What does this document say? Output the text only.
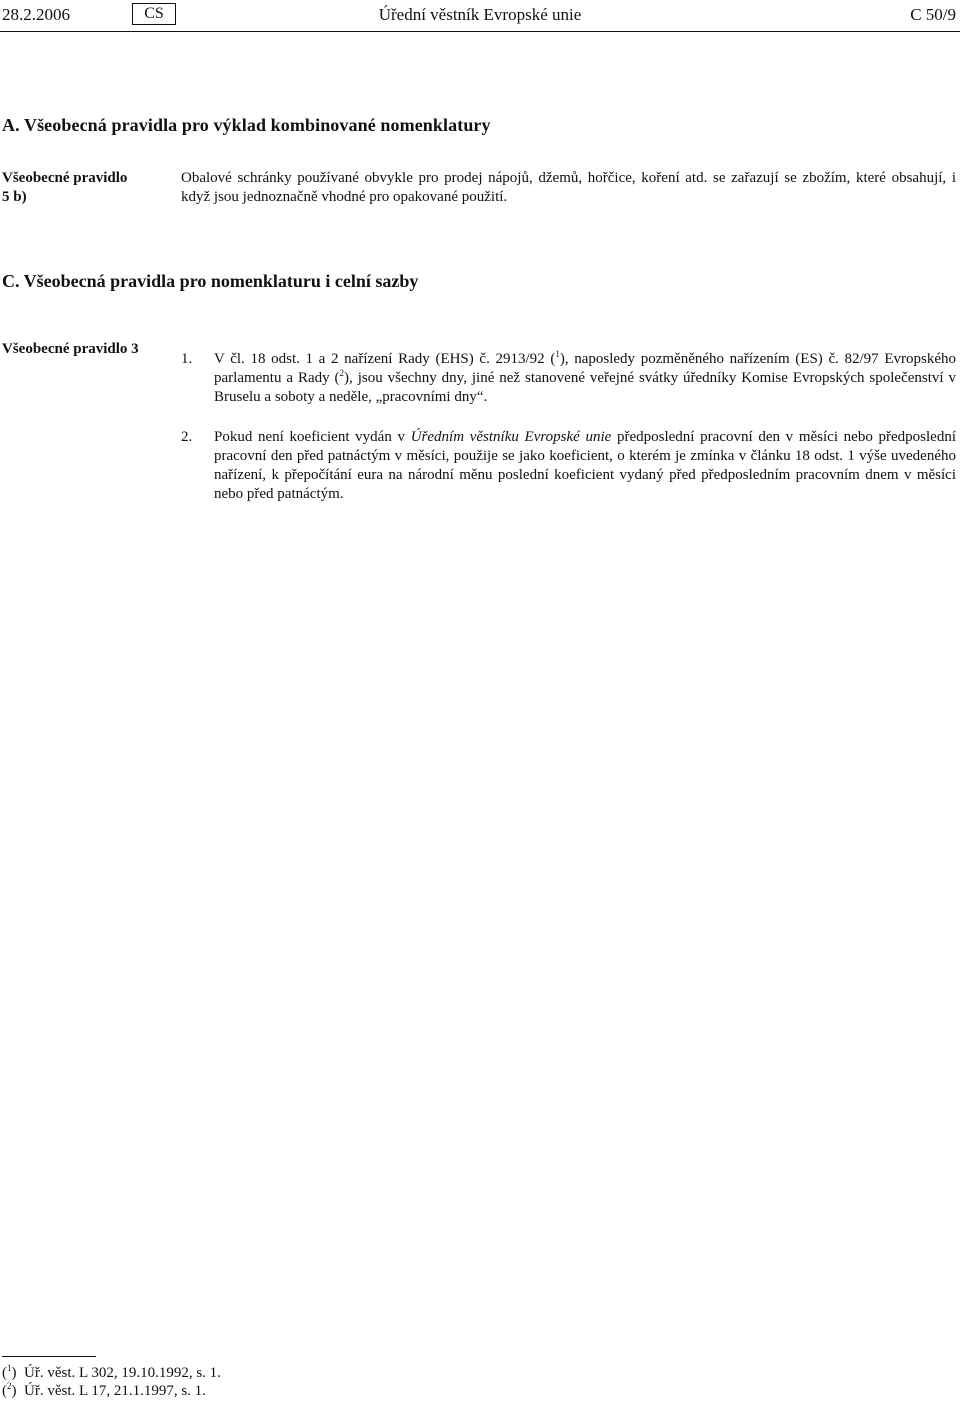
28.2.2006	CS	Úřední věstník Evropské unie	C 50/9
A. Všeobecná pravidla pro výklad kombinované nomenklatury
Všeobecné pravidlo
5 b)
Obalové schránky používané obvykle pro prodej nápojů, džemů, hořčice, koření atd. se zařazují se zbožím, které obsahují, i když jsou jednoznačně vhodné pro opakované použití.
C. Všeobecná pravidla pro nomenklaturu i celní sazby
Všeobecné pravidlo 3
1. V čl. 18 odst. 1 a 2 nařízení Rady (EHS) č. 2913/92 ($^1$), naposledy pozměněného nařízením (ES) č. 82/97 Evropského parlamentu a Rady ($^2$), jsou všechny dny, jiné než stanovené veřejné svátky úředníky Komise Evropských společenství v Bruselu a soboty a neděle, „pracovními dny“.
2. Pokud není koeficient vydán v Úředním věstníku Evropské unie předposlední pracovní den v měsíci nebo předposlední pracovní den před patnáctým v měsíci, použije se jako koeficient, o kterém je zmínka v článku 18 odst. 1 výše uvedeného nařízení, k přepočítání eura na národní měnu poslední koeficient vydaný před předposledním pracovním dnem v měsíci nebo před patnáctým.
($^1$)  Úř. věst. L 302, 19.10.1992, s. 1.
($^2$)  Úř. věst. L 17, 21.1.1997, s. 1.
